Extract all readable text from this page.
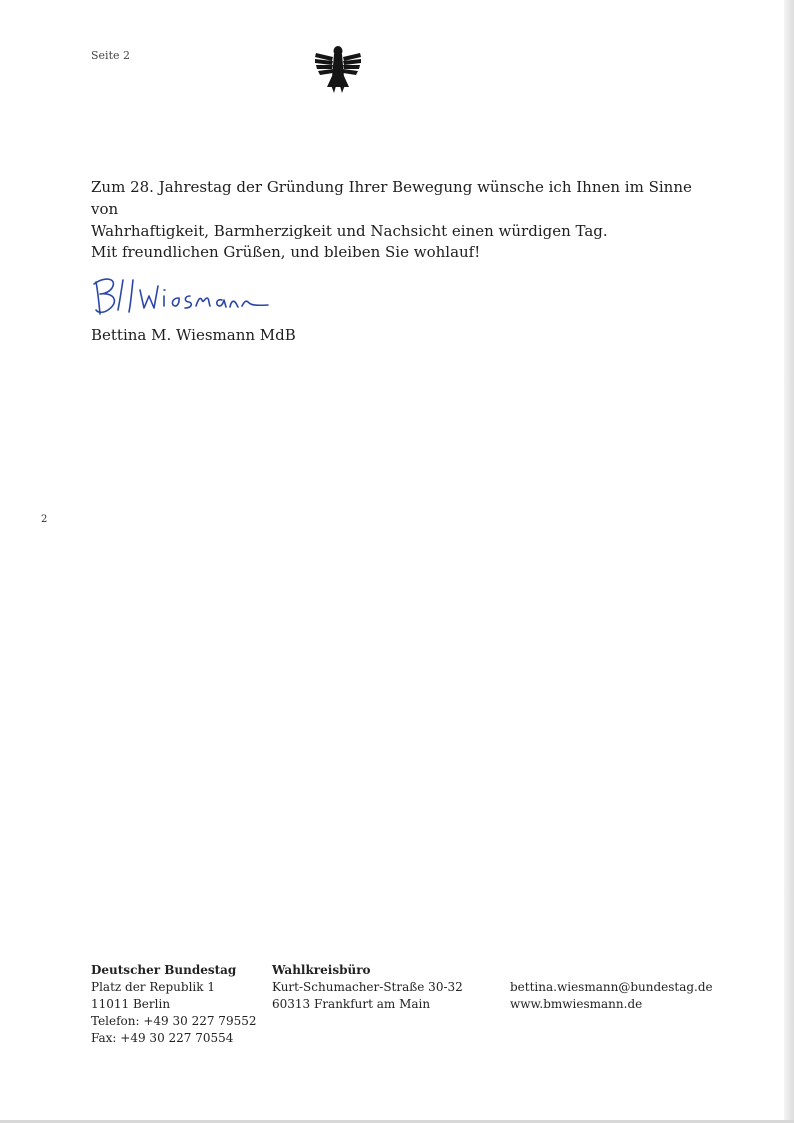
Seite 2

Zum 28. Jahrestag der Gründung Ihrer Bewegung wünsche ich Ihnen im Sinne von

Wahrhaftigkeit, Barmherzigkeit und Nachsicht einen würdigen Tag.

Mit freundlichen Grüßen, und bleiben Sie wohlauf!
Bettina M. Wiesmann MdB
2
Deutscher Bundestag
Platz der Republik 1
11011 Berlin
Telefon: +49 30 227 79552
Fax: +49 30 227 70554
Wahlkreisbüro
Kurt-Schumacher-Straße 30-32
60313 Frankfurt am Main
bettina.wiesmann@bundestag.de
www.bmwiesmann.de
